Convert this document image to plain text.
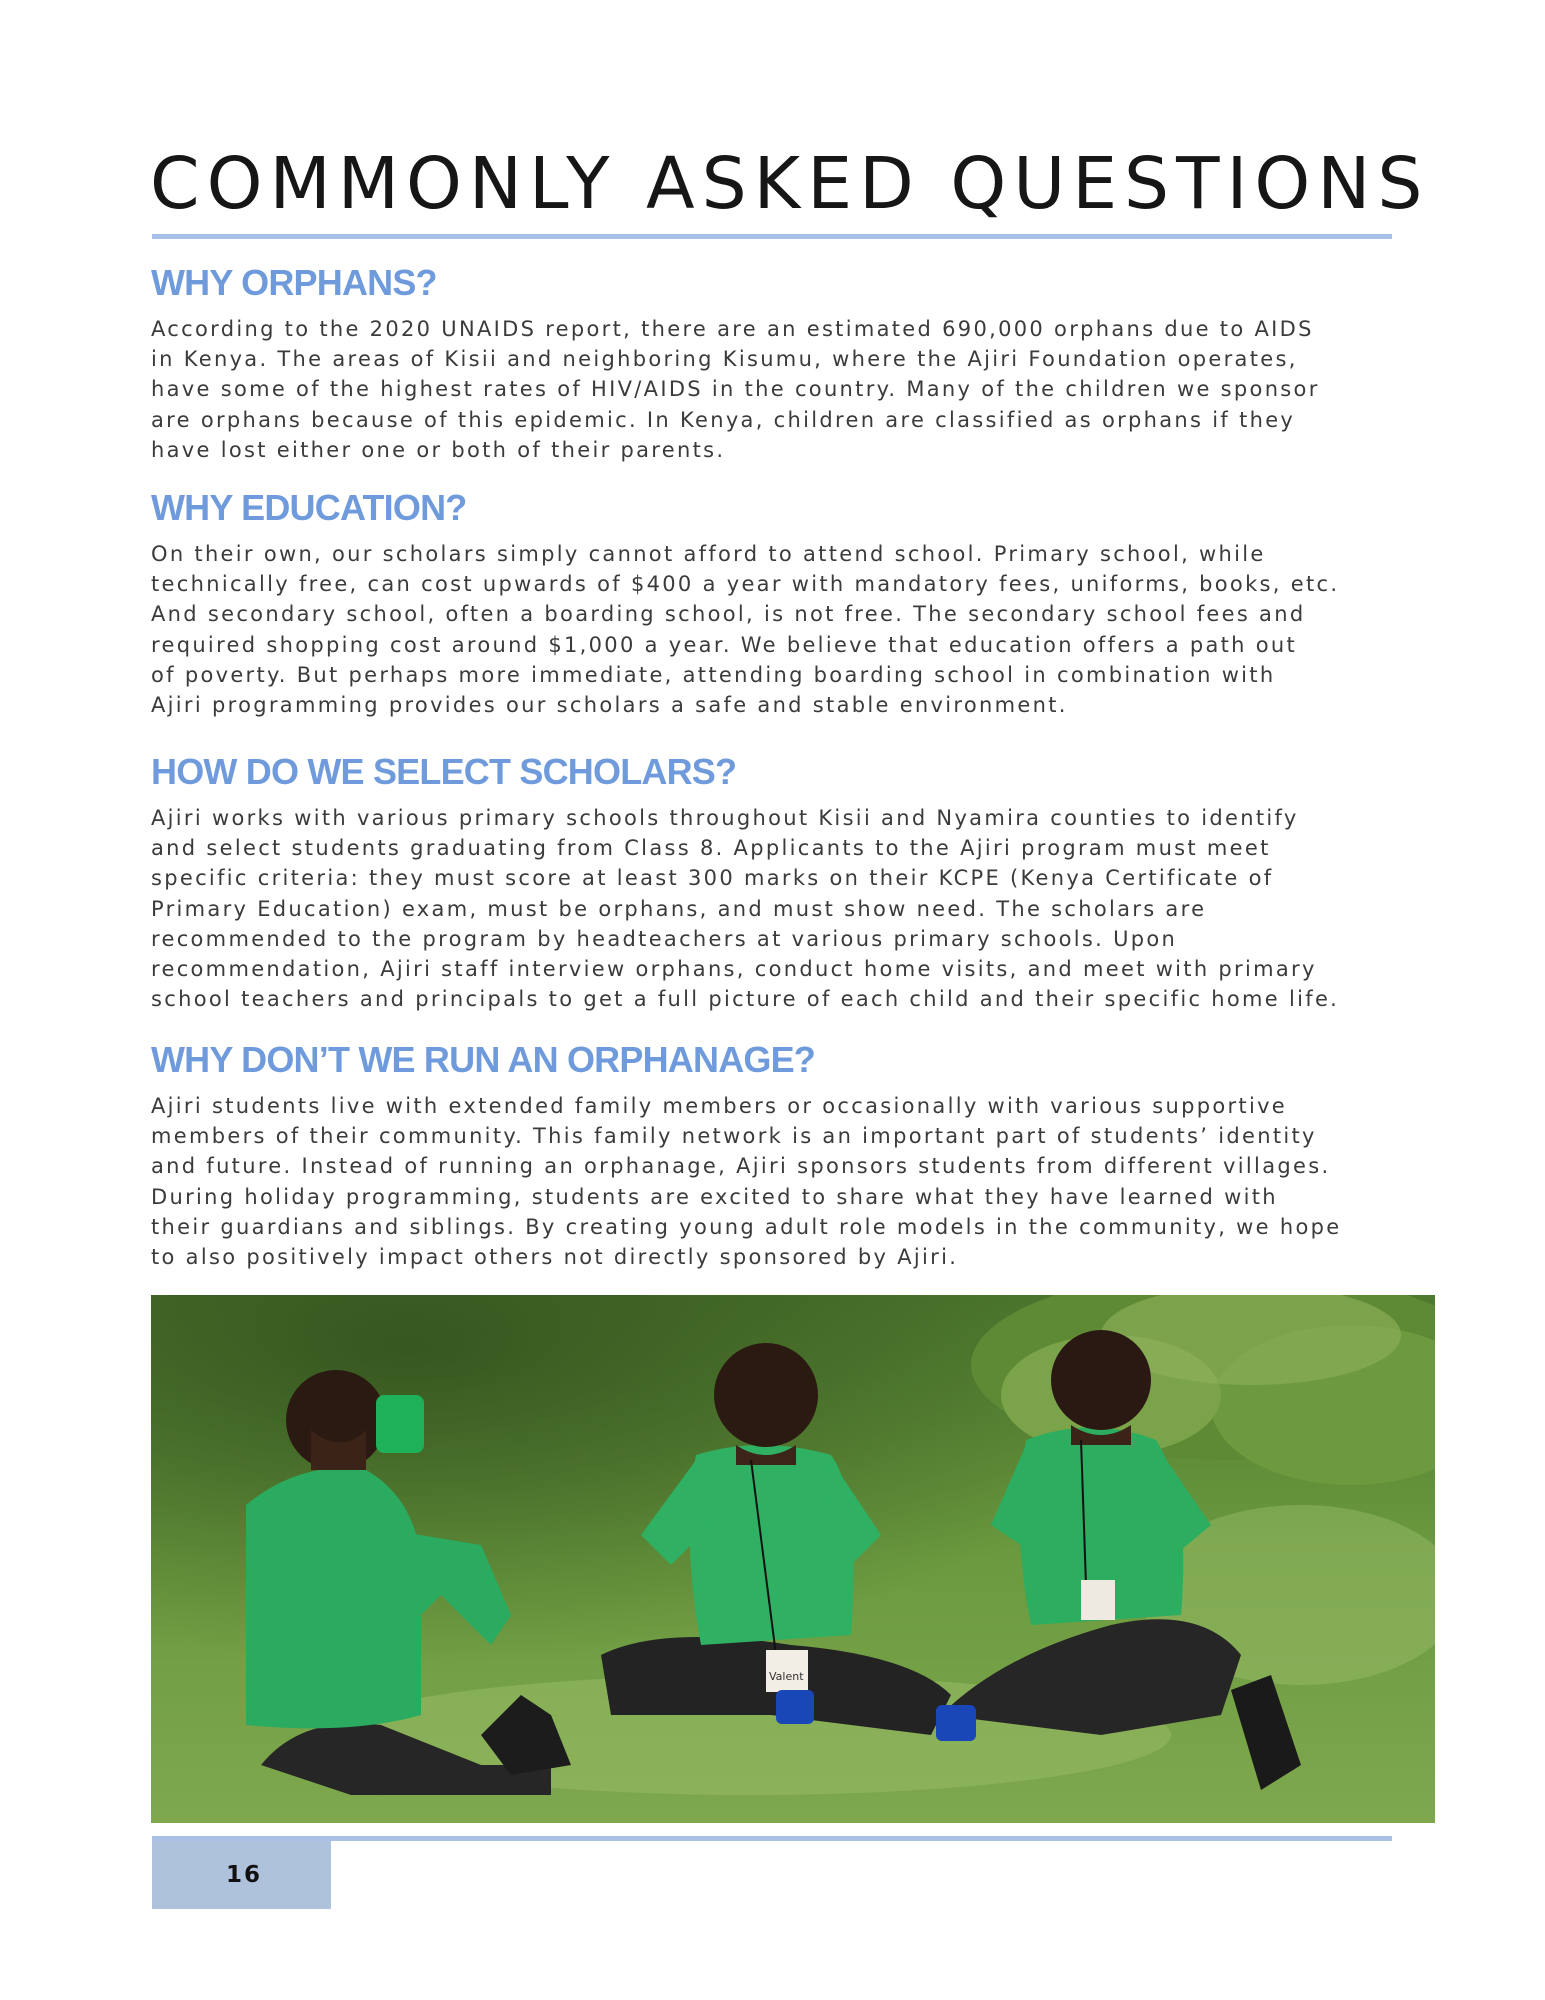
COMMONLY ASKED QUESTIONS
WHY ORPHANS?

According to the 2020 UNAIDS report, there are an estimated 690,000 orphans due to AIDS
in Kenya. The areas of Kisii and neighboring Kisumu, where the Ajiri Foundation operates,
have some of the highest rates of HIV/AIDS in the country. Many of the children we sponsor
are orphans because of this epidemic. In Kenya, children are classified as orphans if they
have lost either one or both of their parents.

WHY EDUCATION?

On their own, our scholars simply cannot afford to attend school. Primary school, while
technically free, can cost upwards of $400 a year with mandatory fees, uniforms, books, etc.
And secondary school, often a boarding school, is not free. The secondary school fees and
required shopping cost around $1,000 a year. We believe that education offers a path out
of poverty. But perhaps more immediate, attending boarding school in combination with
Ajiri programming provides our scholars a safe and stable environment.

HOW DO WE SELECT SCHOLARS?

Ajiri works with various primary schools throughout Kisii and Nyamira counties to identify
and select students graduating from Class 8. Applicants to the Ajiri program must meet
specific criteria: they must score at least 300 marks on their KCPE (Kenya Certificate of
Primary Education) exam, must be orphans, and must show need. The scholars are
recommended to the program by headteachers at various primary schools. Upon
recommendation, Ajiri staff interview orphans, conduct home visits, and meet with primary
school teachers and principals to get a full picture of each child and their specific home life.

WHY DON’T WE RUN AN ORPHANAGE?

Ajiri students live with extended family members or occasionally with various supportive
members of their community. This family network is an important part of students’ identity
and future. Instead of running an orphanage, Ajiri sponsors students from different villages.
During holiday programming, students are excited to share what they have learned with
their guardians and siblings. By creating young adult role models in the community, we hope
to also positively impact others not directly sponsored by Ajiri.

Valent
16
